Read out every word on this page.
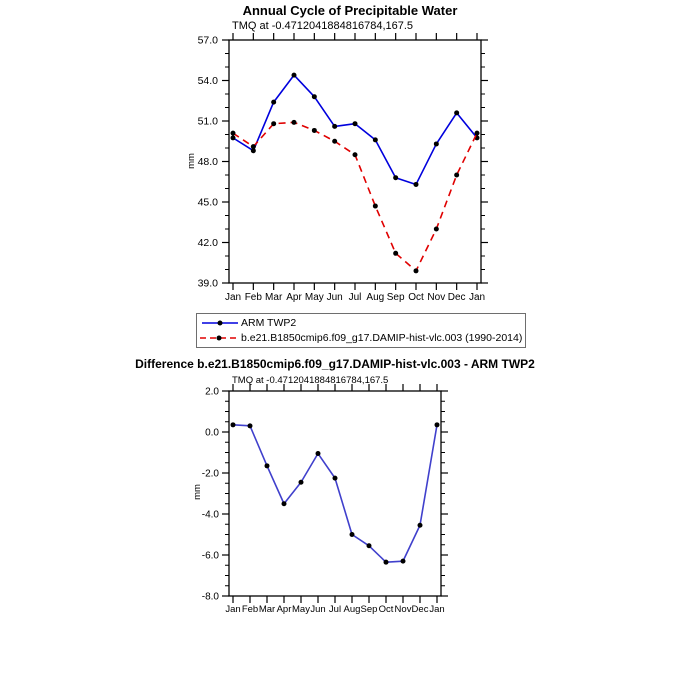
39.0
42.0
45.0
48.0
51.0
54.0
57.0
Jan Feb Mar Apr May Jun Jul Aug Sep Oct Nov Dec Jan
-8.0
-6.0
-4.0
-2.0
0.0
2.0
Jan Feb Mar Apr May Jun Jul Aug Sep Oct Nov Dec Jan
Annual Cycle of Precipitable Water
TMQ at -0.4712041884816784,167.5
mm
ARM TWP2
b.e21.B1850cmip6.f09_g17.DAMIP-hist-vlc.003 (1990-2014)
Difference b.e21.B1850cmip6.f09_g17.DAMIP-hist-vlc.003 - ARM TWP2
TMQ at -0.4712041884816784,167.5
mm
